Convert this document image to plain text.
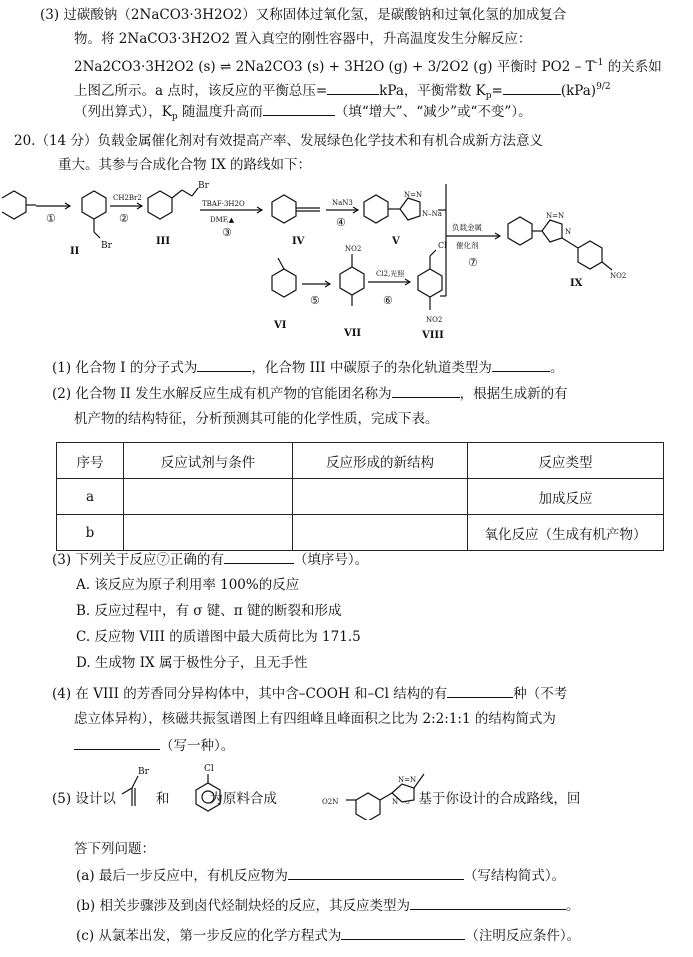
(3) 过碳酸钠（2NaCO3·3H2O2）又称固体过氧化氢，是碳酸钠和过氧化氢的加成复合
物。将 2NaCO3·3H2O2 置入真空的刚性容器中，升高温度发生分解反应：
2Na2CO3·3H2O2 (s) ⇌ 2Na2CO3 (s) + 3H2O (g) + 3/2O2 (g) 平衡时 $PO2 - T^{-1}$ 的关系如
上图乙所示。a 点时，该反应的平衡总压=	kPa，平衡常数 $K_p=$	(kPa)$^{9/2}$
（列出算式），$K_p$ 随温度升高而	（填“增大”、“减少”或“不变”）。
20.（14 分）负载金属催化剂对有效提高产率、发展绿色化学技术和有机合成新方法意义
重大。其参与合成化合物 IX 的路线如下：
①	②
CH2Br2
TBAF·3H2O
DMF,▲
③
NaN3
④
Br
Br
N=N
N–Na
负载金属
催化剂
⑦
N=N
N
NO2
NO2
Cl2,光照
⑥
⑤
Cl
NO2
II
III	IV	V
IX
VI
VII	VIII
(1) 化合物 I 的分子式为	，化合物 III 中碳原子的杂化轨道类型为	。
(2) 化合物 II 发生水解反应生成有机产物的官能团名称为	，根据生成新的有
机产物的结构特征，分析预测其可能的化学性质，完成下表。
序号	反应试剂与条件	反应形成的新结构	反应类型
a			加成反应
b			氧化反应（生成有机产物）
(3) 下列关于反应⑦正确的有	（填序号）。
A. 该反应为原子利用率 100%的反应
B. 反应过程中，有 σ 键、π 键的断裂和形成
C. 反应物 VIII 的质谱图中最大质荷比为 171.5
D. 生成物 IX 属于极性分子，且无手性
(4) 在 VIII 的芳香同分异构体中，其中含–COOH 和–Cl 结构的有	种（不考
虑立体异构），核磁共振氢谱图上有四组峰且峰面积之比为 2:2:1:1 的结构简式为
（写一种）。
(5) 设计以	和	为原料合成	。基于你设计的合成路线，回
Br	Cl
O2N	N
N=N
答下列问题：
(a) 最后一步反应中，有机反应物为	（写结构简式）。
(b) 相关步骤涉及到卤代烃制炔烃的反应，其反应类型为	。
(c) 从氯苯出发，第一步反应的化学方程式为	（注明反应条件）。
